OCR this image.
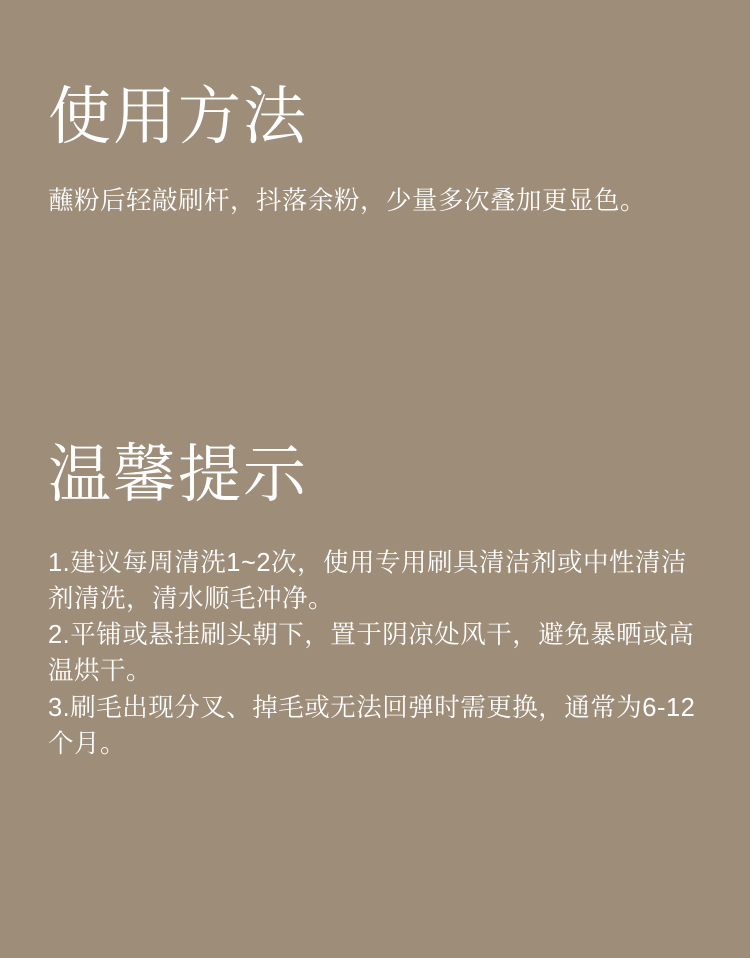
使用方法

蘸粉后轻敲刷杆，抖落余粉，少量多次叠加更显色。

温馨提示
1.建议每周清洗1~2次，使用专用刷具清洁剂或中性清洁剂清洗，清水顺毛冲净。
2.平铺或悬挂刷头朝下，置于阴凉处风干，避免暴晒或高温烘干。
3.刷毛出现分叉、掉毛或无法回弹时需更换，通常为6-12个月。
